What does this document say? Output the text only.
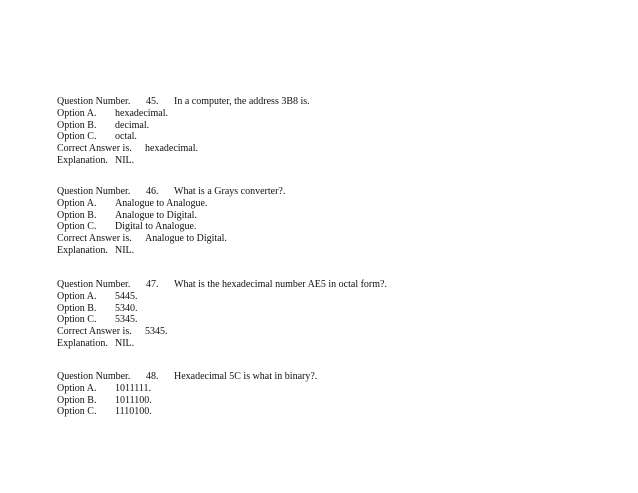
Question Number. 45. In a computer, the address 3B8 is.
Option A. hexadecimal.
Option B. decimal.
Option C. octal.
Correct Answer is. hexadecimal.
Explanation. NIL.
Question Number. 46. What is a Grays converter?.
Option A. Analogue to Analogue.
Option B. Analogue to Digital.
Option C. Digital to Analogue.
Correct Answer is. Analogue to Digital.
Explanation. NIL.
Question Number. 47. What is the hexadecimal number AE5 in octal form?.
Option A. 5445.
Option B. 5340.
Option C. 5345.
Correct Answer is. 5345.
Explanation. NIL.
Question Number. 48. Hexadecimal 5C is what in binary?.
Option A. 1011111.
Option B. 1011100.
Option C. 1110100.
